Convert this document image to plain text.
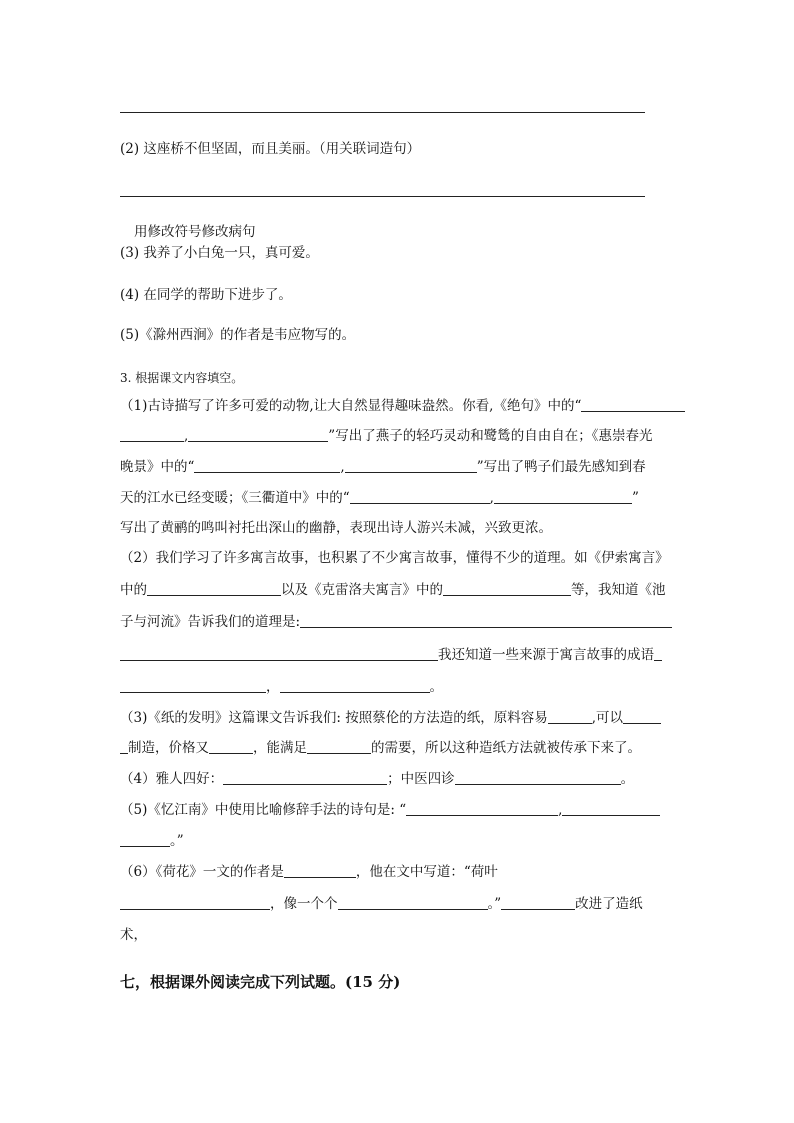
(2) 这座桥不但坚固，而且美丽。（用关联词造句）
用修改符号修改病句
(3) 我养了小白兔一只，真可爱。
(4) 在同学的帮助下进步了。
(5)《滁州西涧》的作者是韦应物写的。
3. 根据课文内容填空。
（1)古诗描写了许多可爱的动物,让大自然显得趣味盎然。你看,《绝句》中的“
,	”写出了燕子的轻巧灵动和鹭鸶的自由自在；《惠崇春光
晚景》中的“	,	”写出了鸭子们最先感知到春
天的江水已经变暖；《三衢道中》中的“	,	”
写出了黄鹂的鸣叫衬托出深山的幽静，表现出诗人游兴未减，兴致更浓。
（2）我们学习了许多寓言故事，也积累了不少寓言故事，懂得不少的道理。如《伊索寓言》
中的	以及《克雷洛夫寓言》中的	等，我知道《池
子与河流》告诉我们的道理是:
我还知道一些来源于寓言故事的成语
，	。
（3)《纸的发明》这篇课文告诉我们: 按照蔡伦的方法造的纸，原料容易	,可以
制造，价格又	，能满足	的需要，所以这种造纸方法就被传承下来了。
（4）雅人四好：	；中医四诊	。
（5)《忆江南》中使用比喻修辞手法的诗句是: “	,
。”
（6）《荷花》一文的作者是	，他在文中写道：“荷叶
，像一个个	。”	改进了造纸
术，
七，根据课外阅读完成下列试题。(15 分)
